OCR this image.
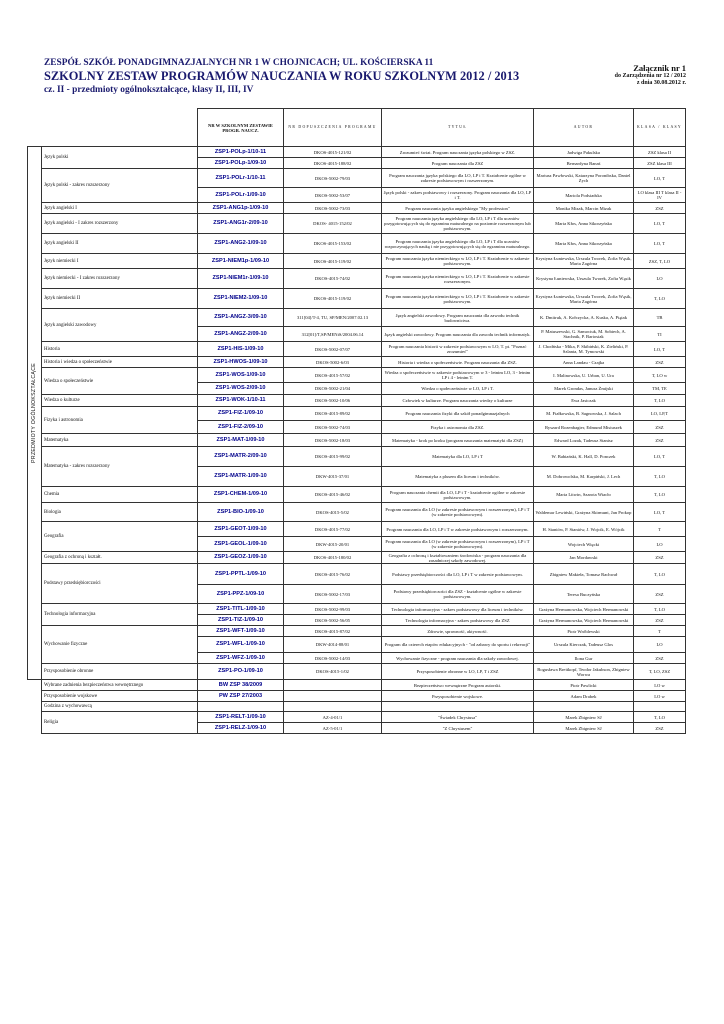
ZESPÓŁ SZKÓŁ PONADGIMNAZJALNYCH NR 1 W CHOJNICACH; UL. KOŚCIERSKA 11
SZKOLNY ZESTAW PROGRAMÓW NAUCZANIA W ROKU SZKOLNYM 2012 / 2013
cz. II - przedmioty ogólnokształcące, klasy II, III, IV
Załącznik nr 1
do Zarządzenia nr 12 / 2012
z dnia 30.08.2012 r.
		NR W SZKOLNYM ZESTAWIE PROGR. NAUCZ.	NR DOPUSZCZENIA PROGRAMU	TYTUŁ	AUTOR	KLASA / KLASY

PRZEDMIOTY OGÓLNOKSZTAŁCĄCE	Język polski	ZSP1-POLp-1/10-11	DKOS-4015-121/02	Zrozumieć świat. Program nauczania języka polskiego w ZSZ.	Jadwiga Pakulska	ZSZ klasa II
		ZSP1-POLp-1/09-10	DKOS-4015-188/02	Program nauczania dla ZSZ	Bernardyna Banaś	ZSZ klasa III
	Język polski - zakres rozszerzony	ZSP1-POLr-1/10-11	DKOS-5002-79/03	Program nauczania języka polskiego dla LO, LP i T. Kształcenie ogólne w zakresie podstawowym i rozszerzonym.	Mariusz Pawłowski, Katarzyna Poronibska, Daniel Zych	LO, T
		ZSP1-POLr-1/09-10	DKOS-5002-53/07	Język polski - zakres podstawowy i rozszerzony. Program nauczania dla LO, LP i T.	Mariola Podsiadska	LO klasa III T klasa II - IV
	Język angielski I	ZSP1-ANG1p-1/09-10	DKOS-5002-73/03	Program nauczania języka angielskiego "My profession"	Monika Mizak, Marcin Mizak	ZSZ
	Język angielski - I zakres rozszerzony	ZSP1-ANG1r-2/09-10	DKOS- 4015-152/02	Program nauczania języka angielskiego dla LO, LP i T dla uczniów przygotowujących się do egzaminu maturalnego na poziomie rozszerzonym lub podstawowym.	Maria Kłos, Anna Sikorzyńska	LO, T
	Język angielski II	ZSP1-ANG2-1/09-10	DKOS-4015-153/02	Program nauczania języka angielskiego dla LO, LP i T dla uczniów rozpoczynających naukę i nie przygotowujących się do egzaminu maturalnego.	Maria Kłos, Anna Sikorzyńska	LO, T
	Język niemiecki I	ZSP1-NIEM1p-1/09-10	DKOS-4015-119/02	Program nauczania języka niemieckiego w LO, LP i T. Kształcenie w zakresie podstawowym.	Krystyna Łuniewska, Urszula Tworek, Zofia Wąsik, Maria Zagórna	ZSZ, T, LO
	Język niemiecki - I zakres rozszerzony	ZSP1-NIEM1r-1/09-10	DKOS-4015-74/02	Program nauczania języka niemieckiego w LO, LP i T. Kształcenie w zakresie rozszerzonym.	Krystyna Łuniewska, Urszula Tworek, Zofia Wąsik	LO
	Język niemiecki II	ZSP1-NIEM2-1/09-10	DKOS-4015-119/02	Program nauczania języka niemieckiego w LO, LP i T. Kształcenie w zakresie podstawowym.	Krystyna Łuniewska, Urszula Tworek, Zofia Wąsik, Maria Zagórna	T, LO
	Język angielski zawodowy	ZSP1-ANGZ-3/09-10	311[04]/T-4, TU, SP/MEN/2007.02.13	Język angielski zawodowy. Program nauczania dla zawodu technik budownictwa.	K. Dmitruk, A. Kołczycka, A. Kuska, A. Piątak	TB
		ZSP1-ANGZ-2/09-10	312[01]/T,SP/MENiS/2004.06.14	Język angielski zawodowy. Program nauczania dla zawodu technik informatyk.	P. Matuszewski, G. Samociuk, M. Sobiech, A. Stachnik, P. Bartosiak	TI
	Historia	ZSP1-HIS-1/09-10	DKOS-5002-07/07	Program nauczania historii w zakresie podstawowym w LO, T. pt. "Poznać zrozumieć"	J. Chodńska - Mika, P. Skibiński, K. Zieliński, P. Szlanta, M. Tymowski	LO, T
	Historia i wiedza o społeczeństwie	ZSP1-HWOS-1/09-10	DKOS-5002-6/03	Historia i wiedza o społeczeństwie. Program nauczania dla ZSZ.	Anna Landau - Czajka	ZSZ
	Wiedza o społeczeństwie	ZSP1-WOS-1/09-10	DKOS-4015-57/02	Wiedza o społeczeństwie w zakresie podstawowym w 3 - letnim LO, 3 - letnim LP i 4 - letnim T.	I. Malinowska, U. Urban, U. Ura	T, LO w
		ZSP1-WOS-2/09-10	DKOS-5002-21/04	Wiedza o społeczeństwie w LO, LP i T.	Marek Grondas, Janusz Żmijski	TM, TE
	Wiedza o kulturze	ZSP1-WOK-1/10-11	DKOS-5002-10/06	Człowiek w kulturze. Program nauczania wiedzy o kulturze	Ewa Jasiczak	T, LO
	Fizyka i astronomia	ZSP1-FIZ-1/09-10	DKOS-4015-89/02	Program nauczania fizyki dla szkół ponadgimnazjalnych	M. Fiałkowska, B. Sagnowska, J. Salach	LO, LP,T
		ZSP1-FIZ-2/09-10	DKOS-5002-74/03	Fizyka i astronomia dla ZSZ.	Ryszard Rozenbagier, Edmund Misiuszek	ZSZ
	Matematyka	ZSP1-MAT-1/09-10	DKOS-5002-18/03	Matematyka - krok po kroku (program nauczania matematyki dla ZSZ)	Edward Lozak, Tadeusz Stanisz	ZSZ
	Matematyka - zakres rozszerzony	ZSP1-MATR-2/09-10	DKOS-4015-99/02	Matematyka dla LO, LP i T	W. Babiański, K. Hall, D. Ponczek	LO, T
		ZSP1-MATR-1/09-10	DKW-4015-37/01	Matematyka z plusem dla liceum i techników.	M. Dobrowolska, M. Karpiński, J. Lech	T, LO
	Chemia	ZSP1-CHEM-1/09-10	DKOS-4015-46/02	Program nauczania chemii dla LO, LP i T - kształcenie ogólne w zakresie podstawowym.	Maria Litwin, Szarota Wiacło	T, LO
	Biologia	ZSP1-BIO-1/09-10	DKOS-4015-5/02	Program nauczania dla LO (w zakresie podstawowym i rozszerzonym), LP i T (w zakresie podstawowym).	Waldemar Lewiński, Grażyna Skirmunt, Jan Prokop	LO, T
	Geografia	ZSP1-GEOT-1/09-10	DKOS-4015-77/02	Program nauczania dla LO, LP i T w zakresie podstawowym i rozszerzonym.	H. Staniów, P. Staniów, J. Wojcik, E. Wójcik	T
		ZSP1-GEOL-1/09-10	DKW-4015-20/01	Program nauczania dla LO (w zakresie podstawowym i rozszerzonym), LP i T (w zakresie podstawowym).	Wojciech Więcki	LO
	Geografia z ochroną i kształt.	ZSP1-GEOZ-1/09-10	DKOS-4015-180/02	Geografia z ochroną i kształtowaniem środowiska - program nauczania dla zasadniczej szkoły zawodowej.	Jan Mordawski	ZSZ
	Podstawy przedsiębiorczości	ZSP1-PPTL-1/09-10	DKOS-4015-76/02	Podstawy przedsiębiorczości dla LO, LP i T w zakresie podstawowym.	Zbigniew Makieła, Tomasz Rachwał	T, LO
		ZSP1-PPZ-1/09-10	DKOS-5002-17/03	Podstawy przedsiębiorczości dla ZSZ - kształcenie ogólne w zakresie podstawowym.	Teresa Buczyńska	ZSZ
	Technologia informacyjna	ZSP1-TITL-1/09-10	DKOS-5002-99/03	Technologia informacyjna - zakres podstawowy dla liceum i techników.	Grażyna Hermanowska, Wojciech Hermanowski	T, LO
		ZSP1-TIZ-1/09-10	DKOS-5002-56/05	Technologia informacyjna - zakres podstawowy dla ZSZ	Grażyna Hermanowska, Wojciech Hermanowski	ZSZ
	Wychowanie fizyczne	ZSP1-WFT-1/09-10	DKOS-4015-87/02	Zdrowie, sprawność, aktywność.	Piotr Wróblewski	T
		ZSP1-WFL-1/09-10	DKW-4014-88/01	Program dla czterech etapów edukacyjnych - "od zabawy do sportu i rekreacji"	Urszula Kierczak, Tadeusz Glos	LO
		ZSP1-WFZ-1/09-10	DKOS-5002-14/03	Wychowanie fizyczne - program nauczania dla szkoły zawodowej.	Ilona Gur	ZSZ
	Przysposobienie obronne	ZSP1-PO-1/09-10	DKOS-4015-1/02	Przysposobienie obronne w LO, LP, T i ZSZ	Bogusława Breitkopf, Teodor Jakubson, Zbigniew Worwa	T, LO, ZSZ
	Wybrane zadnienia bezpieczeństwa wewnętrznego	BW ZSP 38/2009		Bezpieczeństwo wewnętrzne Program autorski.	Piotr Pawlicki	LO w
	Przysposobienie wojskowe	PW ZSP 27/2003		Przysposobienie wojskowe.	Adam Drabek	LO w
	Godzina z wychowawcą					
	Religia	ZSP1-RELT-1/09-10	AZ-4-01/1	"Świadek Chrystusa"	Marek Zbigniew SJ	T, LO
		ZSP1-RELZ-1/09-10	AZ-5-01/1	"Z Chrystusem"	Marek Zbigniew SJ	ZSZ
